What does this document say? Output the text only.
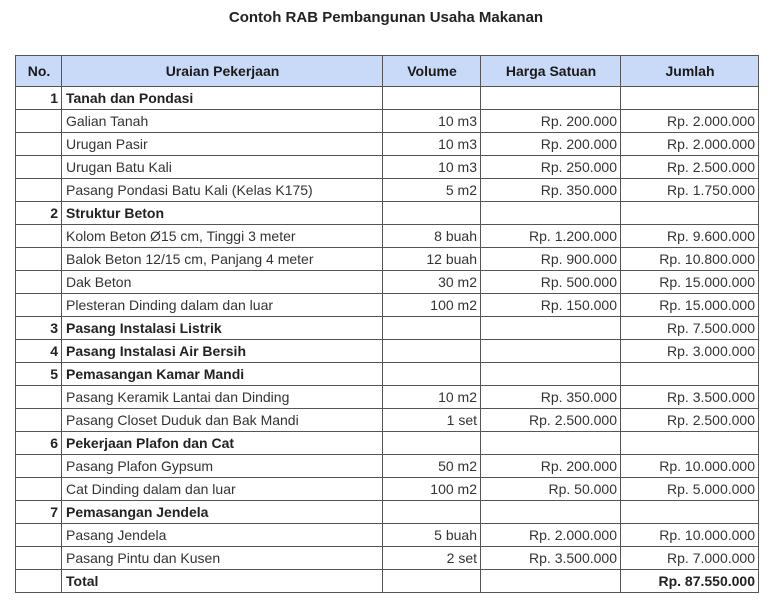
Contoh RAB Pembangunan Usaha Makanan
No.	Uraian Pekerjaan	Volume	Harga Satuan	Jumlah
1	Tanah dan Pondasi			
	Galian Tanah	10 m3	Rp. 200.000	Rp. 2.000.000
	Urugan Pasir	10 m3	Rp. 200.000	Rp. 2.000.000
	Urugan Batu Kali	10 m3	Rp. 250.000	Rp. 2.500.000
	Pasang Pondasi Batu Kali (Kelas K175)	5 m2	Rp. 350.000	Rp. 1.750.000
2	Struktur Beton			
	Kolom Beton Ø15 cm, Tinggi 3 meter	8 buah	Rp. 1.200.000	Rp. 9.600.000
	Balok Beton 12/15 cm, Panjang 4 meter	12 buah	Rp. 900.000	Rp. 10.800.000
	Dak Beton	30 m2	Rp. 500.000	Rp. 15.000.000
	Plesteran Dinding dalam dan luar	100 m2	Rp. 150.000	Rp. 15.000.000
3	Pasang Instalasi Listrik			Rp. 7.500.000
4	Pasang Instalasi Air Bersih			Rp. 3.000.000
5	Pemasangan Kamar Mandi			
	Pasang Keramik Lantai dan Dinding	10 m2	Rp. 350.000	Rp. 3.500.000
	Pasang Closet Duduk dan Bak Mandi	1 set	Rp. 2.500.000	Rp. 2.500.000
6	Pekerjaan Plafon dan Cat			
	Pasang Plafon Gypsum	50 m2	Rp. 200.000	Rp. 10.000.000
	Cat Dinding dalam dan luar	100 m2	Rp. 50.000	Rp. 5.000.000
7	Pemasangan Jendela			
	Pasang Jendela	5 buah	Rp. 2.000.000	Rp. 10.000.000
	Pasang Pintu dan Kusen	2 set	Rp. 3.500.000	Rp. 7.000.000
	Total			Rp. 87.550.000
